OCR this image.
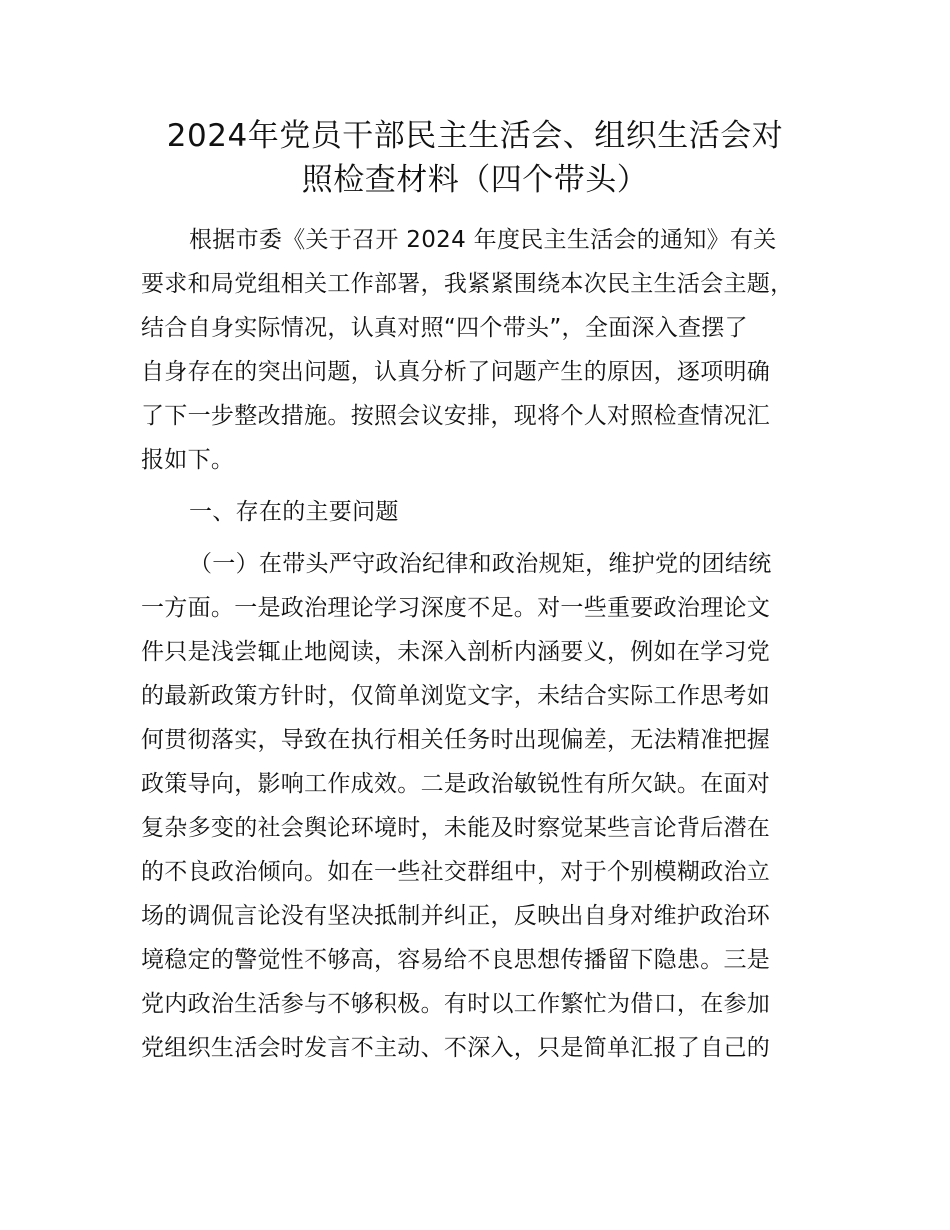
2024年党员干部民主生活会、组织生活会对
照检查材料（四个带头）
根据市委《关于召开 2024 年度民主生活会的通知》有关
要求和局党组相关工作部署，我紧紧围绕本次民主生活会主题，
结合自身实际情况，认真对照“四个带头”，全面深入查摆了
自身存在的突出问题，认真分析了问题产生的原因，逐项明确
了下一步整改措施。按照会议安排，现将个人对照检查情况汇
报如下。
一、存在的主要问题
（一）在带头严守政治纪律和政治规矩，维护党的团结统
一方面。一是政治理论学习深度不足。对一些重要政治理论文
件只是浅尝辄止地阅读，未深入剖析内涵要义，例如在学习党
的最新政策方针时，仅简单浏览文字，未结合实际工作思考如
何贯彻落实，导致在执行相关任务时出现偏差，无法精准把握
政策导向，影响工作成效。二是政治敏锐性有所欠缺。在面对
复杂多变的社会舆论环境时，未能及时察觉某些言论背后潜在
的不良政治倾向。如在一些社交群组中，对于个别模糊政治立
场的调侃言论没有坚决抵制并纠正，反映出自身对维护政治环
境稳定的警觉性不够高，容易给不良思想传播留下隐患。三是
党内政治生活参与不够积极。有时以工作繁忙为借口，在参加
党组织生活会时发言不主动、不深入，只是简单汇报了自己的
